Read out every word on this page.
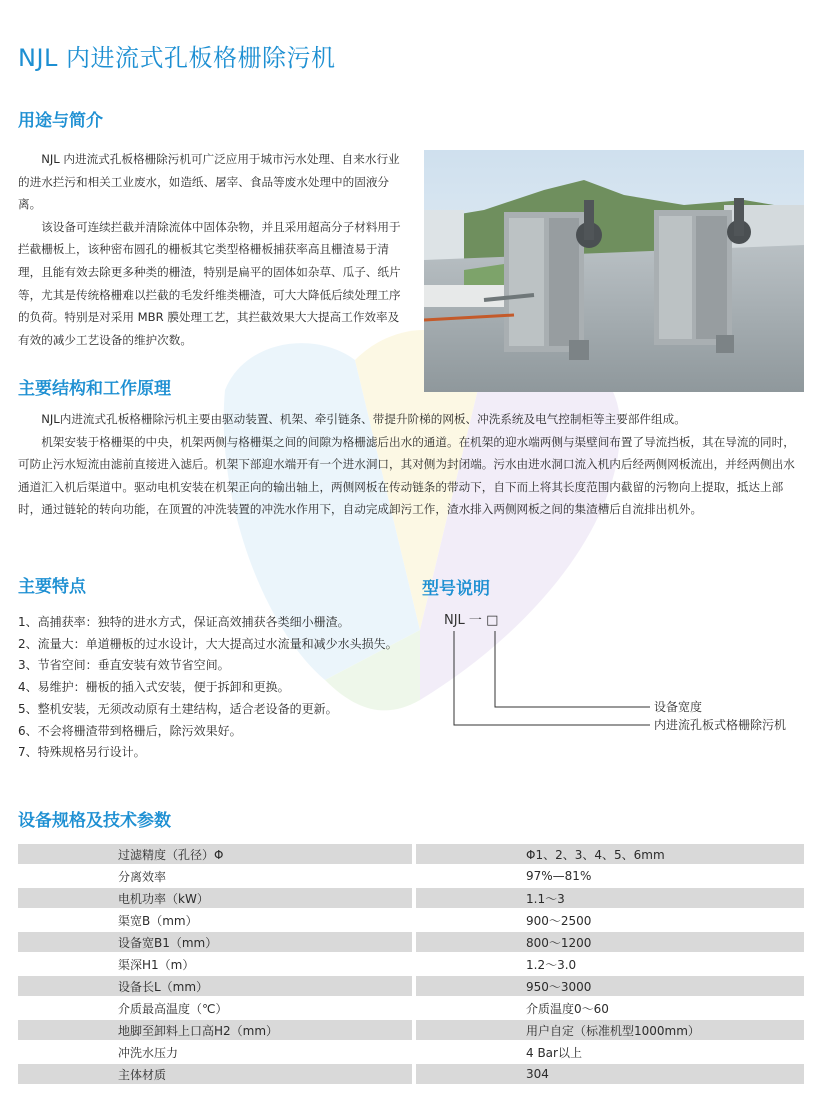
NJL 内进流式孔板格栅除污机
用途与简介

NJL 内进流式孔板格栅除污机可广泛应用于城市污水处理、自来水行业的进水拦污和相关工业废水，如造纸、屠宰、食品等废水处理中的固液分离。

该设备可连续拦截并清除流体中固体杂物，并且采用超高分子材料用于拦截栅板上，该种密布圆孔的栅板其它类型格栅板捕获率高且栅渣易于清理，且能有效去除更多种类的栅渣，特别是扁平的固体如杂草、瓜子、纸片等，尤其是传统格栅难以拦截的毛发纤维类栅渣，可大大降低后续处理工序的负荷。特别是对采用 MBR 膜处理工艺，其拦截效果大大提高工作效率及有效的减少工艺设备的维护次数。

主要结构和工作原理

NJL内进流式孔板格栅除污机主要由驱动装置、机架、牵引链条、带提升阶梯的网板、冲洗系统及电气控制柜等主要部件组成。

机架安装于格栅渠的中央，机架两侧与格栅渠之间的间隙为格栅滤后出水的通道。在机架的迎水端两侧与渠壁间布置了导流挡板，其在导流的同时，可防止污水短流由滤前直接进入滤后。机架下部迎水端开有一个进水洞口，其对侧为封闭端。污水由进水洞口流入机内后经两侧网板流出，并经两侧出水通道汇入机后渠道中。驱动电机安装在机架正向的输出轴上，两侧网板在传动链条的带动下，自下而上将其长度范围内截留的污物向上提取，抵达上部时，通过链轮的转向功能，在顶置的冲洗装置的冲洗水作用下，自动完成卸污工作，渣水排入两侧网板之间的集渣槽后自流排出机外。

主要特点
1、高捕获率：独特的进水方式，保证高效捕获各类细小栅渣。
2、流量大：单道栅板的过水设计，大大提高过水流量和减少水头损失。
3、节省空间：垂直安装有效节省空间。
4、易维护：栅板的插入式安装，便于拆卸和更换。
5、整机安装，无须改动原有土建结构，适合老设备的更新。
6、不会将栅渣带到格栅后，除污效果好。
7、特殊规格另行设计。
型号说明
NJL 一 □
设备宽度
内进流孔板式格栅除污机
设备规格及技术参数
过滤精度（孔径）Φ		Φ1、2、3、4、5、6mm
分离效率		97%—81%
电机功率（kW）		1.1～3
渠宽B（mm）		900～2500
设备宽B1（mm）		800～1200
渠深H1（m）		1.2～3.0
设备长L（mm）		950～3000
介质最高温度（℃）		介质温度0～60
地脚至卸料上口高H2（mm）		用户自定（标准机型1000mm）
冲洗水压力		4 Bar以上
主体材质		304
